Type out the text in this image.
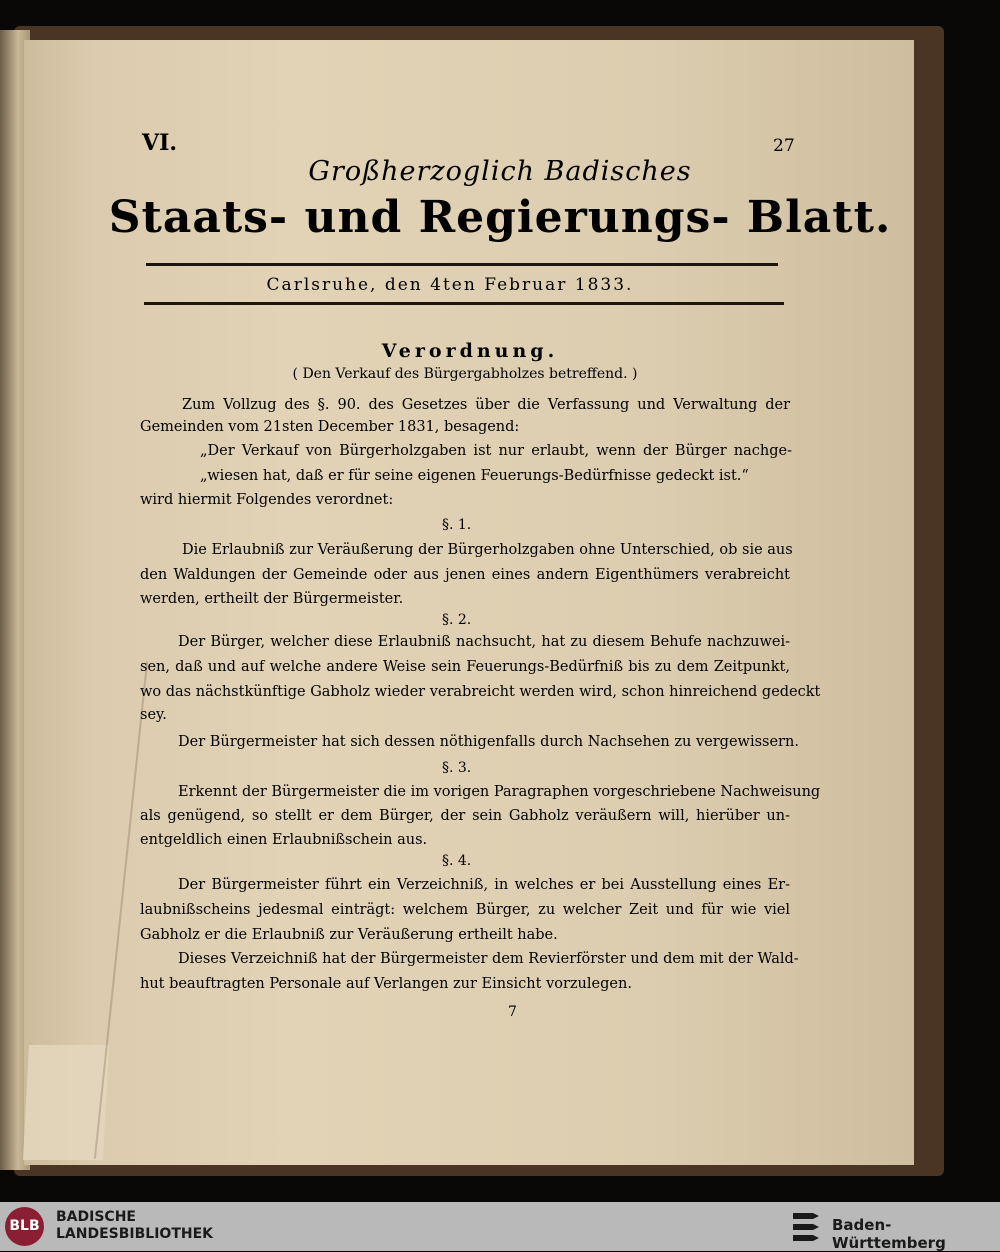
VI.	27
Großherzoglich Badisches
Staats- und Regierungs- Blatt.
Carlsruhe, den 4ten Februar 1833.
Verordnung.
( Den Verkauf des Bürgergabholzes betreffend. )
Zum Vollzug des §. 90. des Gesetzes über die Verfassung und Verwaltung der
Gemeinden vom 21sten December 1831, besagend:
„Der Verkauf von Bürgerholzgaben ist nur erlaubt, wenn der Bürger nachge-
„wiesen hat, daß er für seine eigenen Feuerungs-Bedürfnisse gedeckt ist.“
wird hiermit Folgendes verordnet:
§. 1.
Die Erlaubniß zur Veräußerung der Bürgerholzgaben ohne Unterschied, ob sie aus
den Waldungen der Gemeinde oder aus jenen eines andern Eigenthümers verabreicht
werden, ertheilt der Bürgermeister.
§. 2.
Der Bürger, welcher diese Erlaubniß nachsucht, hat zu diesem Behufe nachzuwei-
sen, daß und auf welche andere Weise sein Feuerungs-Bedürfniß bis zu dem Zeitpunkt,
wo das nächstkünftige Gabholz wieder verabreicht werden wird, schon hinreichend gedeckt
sey.
Der Bürgermeister hat sich dessen nöthigenfalls durch Nachsehen zu vergewissern.
§. 3.
Erkennt der Bürgermeister die im vorigen Paragraphen vorgeschriebene Nachweisung
als genügend, so stellt er dem Bürger, der sein Gabholz veräußern will, hierüber un-
entgeldlich einen Erlaubnißschein aus.
§. 4.
Der Bürgermeister führt ein Verzeichniß, in welches er bei Ausstellung eines Er-
laubnißscheins jedesmal einträgt: welchem Bürger, zu welcher Zeit und für wie viel
Gabholz er die Erlaubniß zur Veräußerung ertheilt habe.
Dieses Verzeichniß hat der Bürgermeister dem Revierförster und dem mit der Wald-
hut beauftragten Personale auf Verlangen zur Einsicht vorzulegen.
7
BLB
BADISCHE
LANDESBIBLIOTHEK	Baden-Württemberg
